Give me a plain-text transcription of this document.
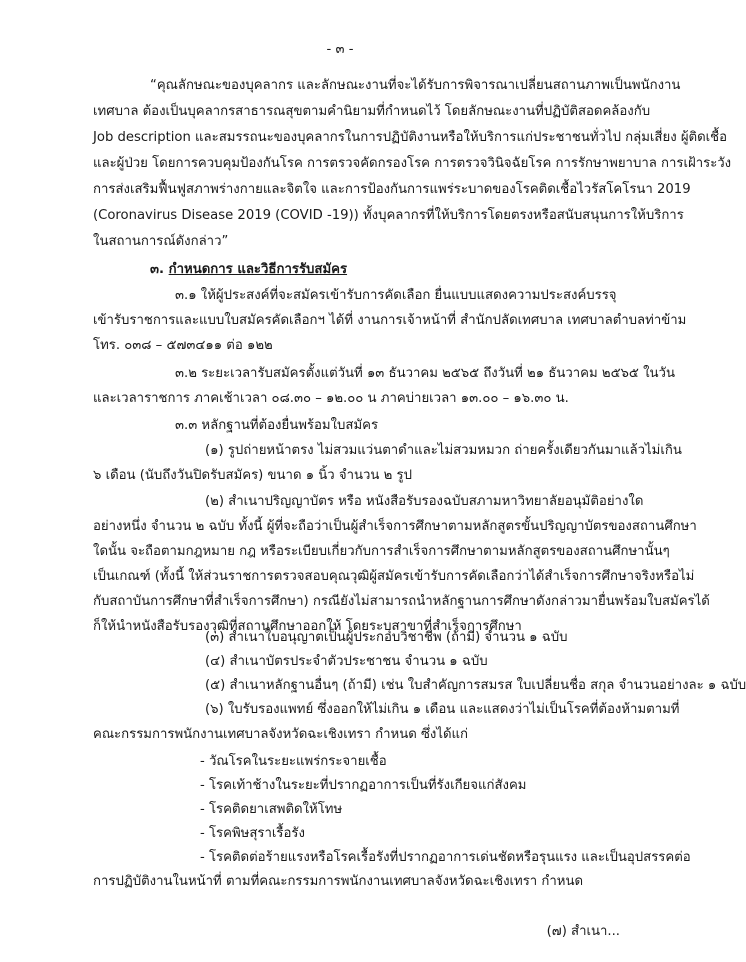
- ๓ -
“คุณลักษณะของบุคลากร และลักษณะงานที่จะได้รับการพิจารณาเปลี่ยนสถานภาพเป็นพนักงาน
เทศบาล ต้องเป็นบุคลากรสาธารณสุขตามคำนิยามที่กำหนดไว้ โดยลักษณะงานที่ปฏิบัติสอดคล้องกับ
Job description และสมรรถนะของบุคลากรในการปฏิบัติงานหรือให้บริการแก่ประชาชนทั่วไป กลุ่มเสี่ยง ผู้ติดเชื้อ
และผู้ป่วย โดยการควบคุมป้องกันโรค การตรวจคัดกรองโรค การตรวจวินิจฉัยโรค การรักษาพยาบาล การเฝ้าระวัง
การส่งเสริมฟื้นฟูสภาพร่างกายและจิตใจ และการป้องกันการแพร่ระบาดของโรคติดเชื้อไวรัสโคโรนา 2019
(Coronavirus Disease 2019 (COVID -19)) ทั้งบุคลากรที่ให้บริการโดยตรงหรือสนับสนุนการให้บริการ
ในสถานการณ์ดังกล่าว”
๓. กำหนดการ และวิธีการรับสมัคร
๓.๑ ให้ผู้ประสงค์ที่จะสมัครเข้ารับการคัดเลือก ยื่นแบบแสดงความประสงค์บรรจุ
เข้ารับราชการและแบบใบสมัครคัดเลือกฯ ได้ที่ งานการเจ้าหน้าที่ สำนักปลัดเทศบาล เทศบาลตำบลท่าข้าม
โทร. ๐๓๘ – ๕๗๓๔๑๑ ต่อ ๑๒๒
๓.๒ ระยะเวลารับสมัครตั้งแต่วันที่ ๑๓ ธันวาคม ๒๕๖๕ ถึงวันที่ ๒๑ ธันวาคม ๒๕๖๕ ในวัน
และเวลาราชการ ภาคเช้าเวลา ๐๘.๓๐ – ๑๒.๐๐ น ภาคบ่ายเวลา ๑๓.๐๐ – ๑๖.๓๐ น.
๓.๓ หลักฐานที่ต้องยื่นพร้อมใบสมัคร
(๑) รูปถ่ายหน้าตรง ไม่สวมแว่นตาดำและไม่สวมหมวก ถ่ายครั้งเดียวกันมาแล้วไม่เกิน
๖ เดือน (นับถึงวันปิดรับสมัคร) ขนาด ๑ นิ้ว จำนวน ๒ รูป
(๒) สำเนาปริญญาบัตร หรือ หนังสือรับรองฉบับสภามหาวิทยาลัยอนุมัติอย่างใด
อย่างหนึ่ง จำนวน ๒ ฉบับ ทั้งนี้ ผู้ที่จะถือว่าเป็นผู้สำเร็จการศึกษาตามหลักสูตรขั้นปริญญาบัตรของสถานศึกษา
ใดนั้น จะถือตามกฎหมาย กฎ หรือระเบียบเกี่ยวกับการสำเร็จการศึกษาตามหลักสูตรของสถานศึกษานั้นๆ
เป็นเกณฑ์ (ทั้งนี้ ให้ส่วนราชการตรวจสอบคุณวุฒิผู้สมัครเข้ารับการคัดเลือกว่าได้สำเร็จการศึกษาจริงหรือไม่
กับสถาบันการศึกษาที่สำเร็จการศึกษา) กรณียังไม่สามารถนำหลักฐานการศึกษาดังกล่าวมายื่นพร้อมใบสมัครได้
ก็ให้นำหนังสือรับรองวุฒิที่สถานศึกษาออกให้ โดยระบุสาขาที่สำเร็จการศึกษา
(๓) สำเนาใบอนุญาตเป็นผู้ประกอบวิชาชีพ (ถ้ามี) จำนวน ๑ ฉบับ
(๔) สำเนาบัตรประจำตัวประชาชน จำนวน ๑ ฉบับ
(๕) สำเนาหลักฐานอื่นๆ (ถ้ามี) เช่น ใบสำคัญการสมรส ใบเปลี่ยนชื่อ สกุล จำนวนอย่างละ ๑ ฉบับ
(๖) ใบรับรองแพทย์ ซึ่งออกให้ไม่เกิน ๑ เดือน และแสดงว่าไม่เป็นโรคที่ต้องห้ามตามที่
คณะกรรมการพนักงานเทศบาลจังหวัดฉะเชิงเทรา กำหนด ซึ่งได้แก่
- วัณโรคในระยะแพร่กระจายเชื้อ
- โรคเท้าช้างในระยะที่ปรากฏอาการเป็นที่รังเกียจแก่สังคม
- โรคติดยาเสพติดให้โทษ
- โรคพิษสุราเรื้อรัง
(๗) สำเนา...
- โรคติดต่อร้ายแรงหรือโรคเรื้อรังที่ปรากฏอาการเด่นชัดหรือรุนแรง และเป็นอุปสรรคต่อ
การปฏิบัติงานในหน้าที่ ตามที่คณะกรรมการพนักงานเทศบาลจังหวัดฉะเชิงเทรา กำหนด
